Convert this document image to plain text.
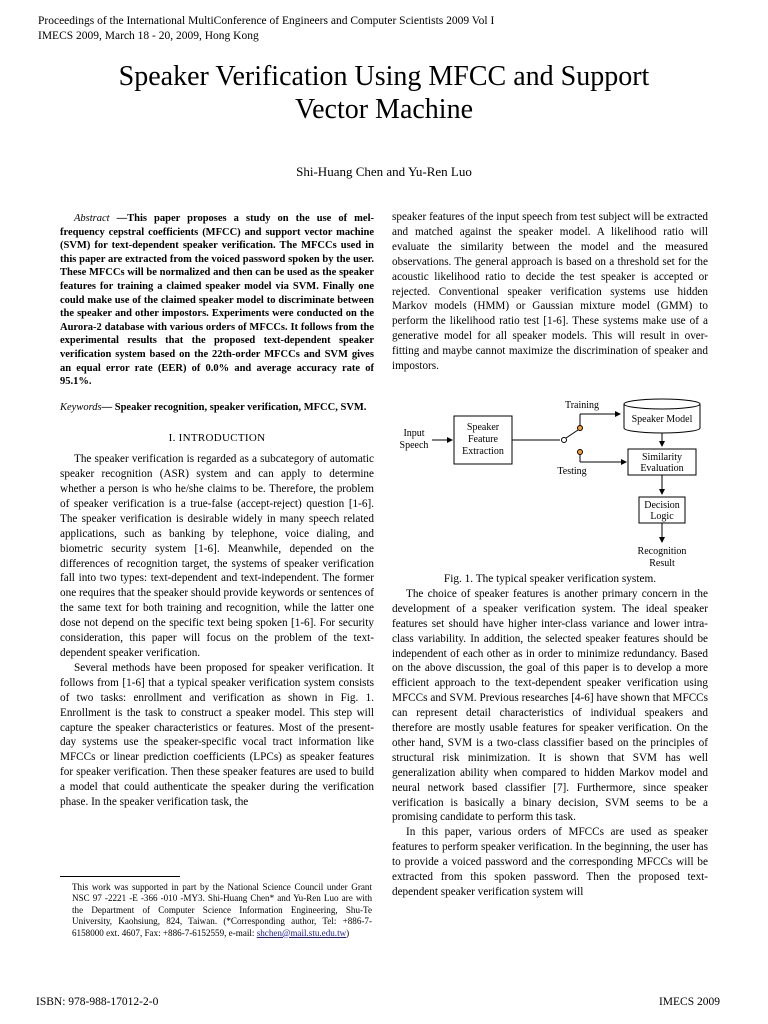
Proceedings of the International MultiConference of Engineers and Computer Scientists 2009 Vol I
IMECS 2009, March 18 - 20, 2009, Hong Kong
Speaker Verification Using MFCC and Support
Vector Machine
Shi-Huang Chen and Yu-Ren Luo

Abstract —This paper proposes a study on the use of mel-frequency cepstral coefficients (MFCC) and support vector machine (SVM) for text-dependent speaker verification. The MFCCs used in this paper are extracted from the voiced password spoken by the user. These MFCCs will be normalized and then can be used as the speaker features for training a claimed speaker model via SVM. Finally one could make use of the claimed speaker model to discriminate between the speaker and other impostors. Experiments were conducted on the Aurora-2 database with various orders of MFCCs. It follows from the experimental results that the proposed text-dependent speaker verification system based on the 22th-order MFCCs and SVM gives an equal error rate (EER) of 0.0% and average accuracy rate of 95.1%.

Keywords— Speaker recognition, speaker verification, MFCC, SVM.

I. INTRODUCTION

The speaker verification is regarded as a subcategory of automatic speaker recognition (ASR) system and can apply to determine whether a person is who he/she claims to be. Therefore, the problem of speaker verification is a true-false (accept-reject) question [1-6]. The speaker verification is desirable widely in many speech related applications, such as banking by telephone, voice dialing, and biometric security system [1-6]. Meanwhile, depended on the differences of recognition target, the systems of speaker verification fall into two types: text-dependent and text-independent. The former one requires that the speaker should provide keywords or sentences of the same text for both training and recognition, while the latter one dose not depend on the specific text being spoken [1-6]. For security consideration, this paper will focus on the problem of the text-dependent speaker verification.

Several methods have been proposed for speaker verification. It follows from [1-6] that a typical speaker verification system consists of two tasks: enrollment and verification as shown in Fig. 1. Enrollment is the task to construct a speaker model. This step will capture the speaker characteristics or features. Most of the present-day systems use the speaker-specific vocal tract information like MFCCs or linear prediction coefficients (LPCs) as speaker features for speaker verification. Then these speaker features are used to build a model that could authenticate the speaker during the verification phase. In the speaker verification task, the

This work was supported in part by the National Science Council under Grant NSC 97 -2221 -E -366 -010 -MY3. Shi-Huang Chen* and Yu-Ren Luo are with the Department of Computer Science Information Engineering, Shu-Te University, Kaohsiung, 824, Taiwan. (*Corresponding author, Tel: +886-7-6158000 ext. 4607, Fax: +886-7-6152559, e-mail: shchen@mail.stu.edu.tw)

speaker features of the input speech from test subject will be extracted and matched against the speaker model. A likelihood ratio will evaluate the similarity between the model and the measured observations. The general approach is based on a threshold set for the acoustic likelihood ratio to decide the test speaker is accepted or rejected. Conventional speaker verification systems use hidden Markov models (HMM) or Gaussian mixture model (GMM) to perform the likelihood ratio test [1-6]. These systems make use of a generative model for all speaker models. This will result in over-fitting and maybe cannot maximize the discrimination of speaker and impostors.

Input
Speech
Speaker
Feature
Extraction
Training
Speaker Model
Testing
Similarity
Evaluation
Decision
Logic
Recognition
Result

Fig. 1. The typical speaker verification system.

The choice of speaker features is another primary concern in the development of a speaker verification system. The ideal speaker features set should have higher inter-class variance and lower intra-class variability. In addition, the selected speaker features should be independent of each other as in order to minimize redundancy. Based on the above discussion, the goal of this paper is to develop a more efficient approach to the text-dependent speaker verification using MFCCs and SVM. Previous researches [4-6] have shown that MFCCs can represent detail characteristics of individual speakers and therefore are mostly usable features for speaker verification. On the other hand, SVM is a two-class classifier based on the principles of structural risk minimization. It is shown that SVM has well generalization ability when compared to hidden Markov model and neural network based classifier [7]. Furthermore, since speaker verification is basically a binary decision, SVM seems to be a promising candidate to perform this task.

In this paper, various orders of MFCCs are used as speaker features to perform speaker verification. In the beginning, the user has to provide a voiced password and the corresponding MFCCs will be extracted from this spoken password. Then the proposed text-dependent speaker verification system will

ISBN: 978-988-17012-2-0	IMECS 2009
